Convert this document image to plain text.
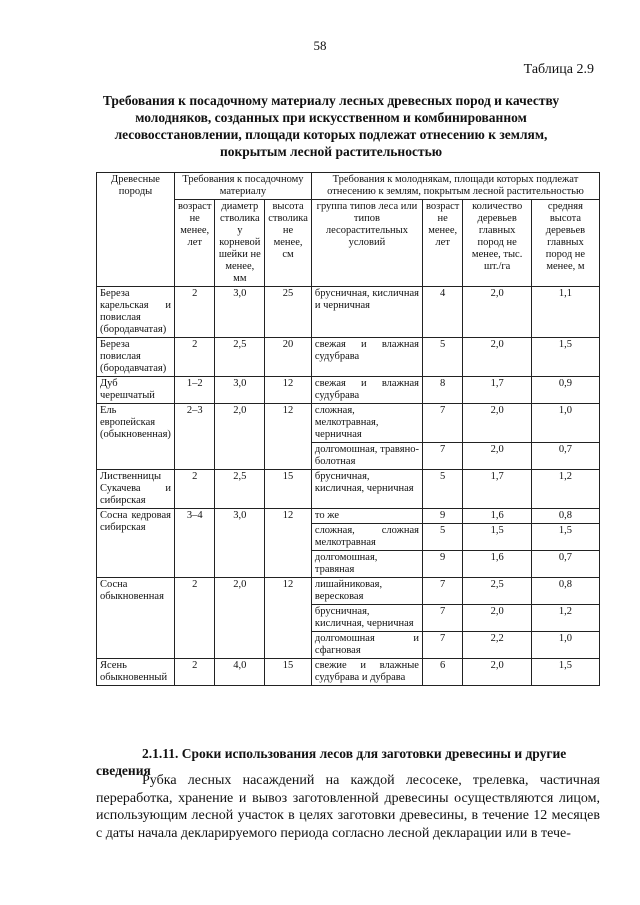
58
Таблица 2.9
Требования к посадочному материалу лесных древесных пород и качеству молодняков, созданных при искусственном и комбинированном лесовосстановлении, площади которых подлежат отнесению к землям, покрытым лесной растительностью
Древесные породы	Требования к посадочному материалу			Требования к молоднякам, площади которых подлежат отнесению к землям, покрытым лесной растительностью			
	возраст не менее, лет	диаметр стволика у корневой шейки не менее, мм	высота стволика не менее, см	группа типов леса или типов лесорастительных условий	возраст не менее, лет	количество деревьев главных пород не менее, тыс. шт./га	средняя высота деревьев главных пород не менее, м
Береза карельская и повислая (бородавчатая)	2	3,0	25	брусничная, кисличная и черничная	4	2,0	1,1
Береза повислая (бородавчатая)	2	2,5	20	свежая и влажная судубрава	5	2,0	1,5
Дуб черешчатый	1–2	3,0	12	свежая и влажная судубрава	8	1,7	0,9
Ель европейская (обыкновенная)	2–3	2,0	12	сложная, мелкотравная, черничная	7	2,0	1,0
				долгомошная, травяно-болотная	7	2,0	0,7
Лиственницы Сукачева и сибирская	2	2,5	15	брусничная, кисличная, черничная	5	1,7	1,2
Сосна кедровая сибирская	3–4	3,0	12	то же	9	1,6	0,8
				сложная, сложная мелкотравная	5	1,5	1,5
				долгомошная, травяная	9	1,6	0,7
Сосна обыкновенная	2	2,0	12	лишайниковая, вересковая	7	2,5	0,8
				брусничная, кисличная, черничная	7	2,0	1,2
				долгомошная и сфагновая	7	2,2	1,0
Ясень обыкновенный	2	4,0	15	свежие и влажные судубрава и дубрава	6	2,0	1,5
2.1.11. Сроки использования лесов для заготовки древесины и другие сведения
Рубка лесных насаждений на каждой лесосеке, трелевка, частичная переработка, хранение и вывоз заготовленной древесины осуществляются лицом, использующим лесной участок в целях заготовки древесины, в течение 12 месяцев с даты начала декларируемого периода согласно лесной декларации или в тече-
